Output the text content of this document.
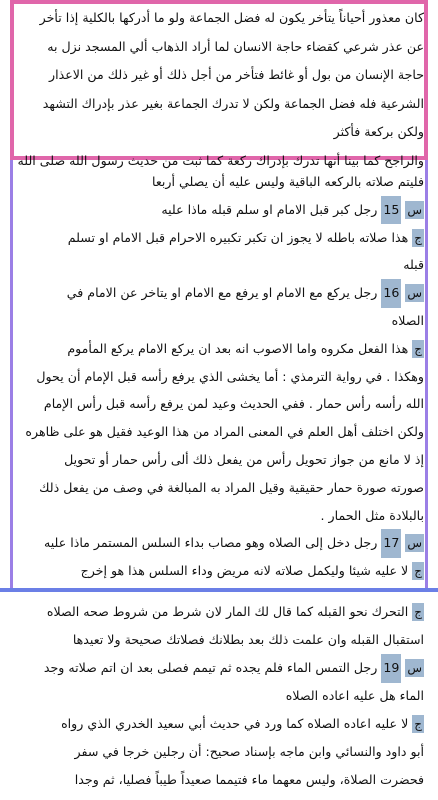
كان معذور أحياناً يتأخر يكون له فضل الجماعة ولو ما أدركها بالكلية إذا تأخر
عن عذر شرعي كقضاء حاجة الانسان لما أراد الذهاب ألي المسجد نزل به
حاجة الإنسان من بول أو غائط فتأخر من أجل ذلك أو غير ذلك من الاعذار
الشرعية فله فضل الجماعة ولكن لا تدرك الجماعة بغير عذر بإدراك التشهد
ولكن بركعة فأكثر
والراجح كما بينا أنها تدرك بإدراك ركعة كما ثبت من حديث رسول الله صلى الله
فليتم صلاته بالركعه الباقية وليس عليه أن يصلي أربعا
س15 رجل كبر قبل الامام او سلم قبله ماذا عليه
جهذا صلاته باطله لا يجوز ان تكبر تكبيره الاحرام قبل الامام او تسلم
قبله
س16 رجل يركع مع الامام او يرفع مع الامام او يتاخر عن الامام في
الصلاه
جهذا الفعل مكروه واما الاصوب انه بعد ان يركع الامام يركع المأموم
وهكذا . في رواية الترمذي : أما يخشى الذي يرفع رأسه قبل الإمام أن يحول
الله رأسه رأس حمار . ففي الحديث وعيد لمن يرفع رأسه قبل رأس الإمام
ولكن اختلف أهل العلم في المعنى المراد من هذا الوعيد فقيل هو على ظاهره
إذ لا مانع من جواز تحويل رأس من يفعل ذلك ألى رأس حمار أو تحويل
صورته صورة حمار حقيقية وقيل المراد به المبالغة في وصف من يفعل ذلك
بالبلادة مثل الحمار .
س17 رجل دخل إلى الصلاه وهو مصاب بداء السلس المستمر ماذا عليه
جلا عليه شيئا وليكمل صلاته لانه مريض وداء السلس هذا هو إخرج
جالتحرك نحو القبله كما قال لك المار لان شرط من شروط صحه الصلاه
استقبال القبله وان علمت ذلك بعد بطلانك فصلاتك صحيحة ولا تعيدها
س19 رجل التمس الماء فلم يجده ثم تيمم فصلى بعد ان اتم صلاته وجد
الماء هل عليه اعاده الصلاه
جلا عليه اعاده الصلاه كما ورد في حديث أبي سعيد الخدري الذي رواه
أبو داود والنسائي وابن ماجه بإسناد صحيح: أن رجلين خرجا في سفر
فحضرت الصلاة، وليس معهما ماء فتيمما صعيداً طيباً فصليا، ثم وجدا
